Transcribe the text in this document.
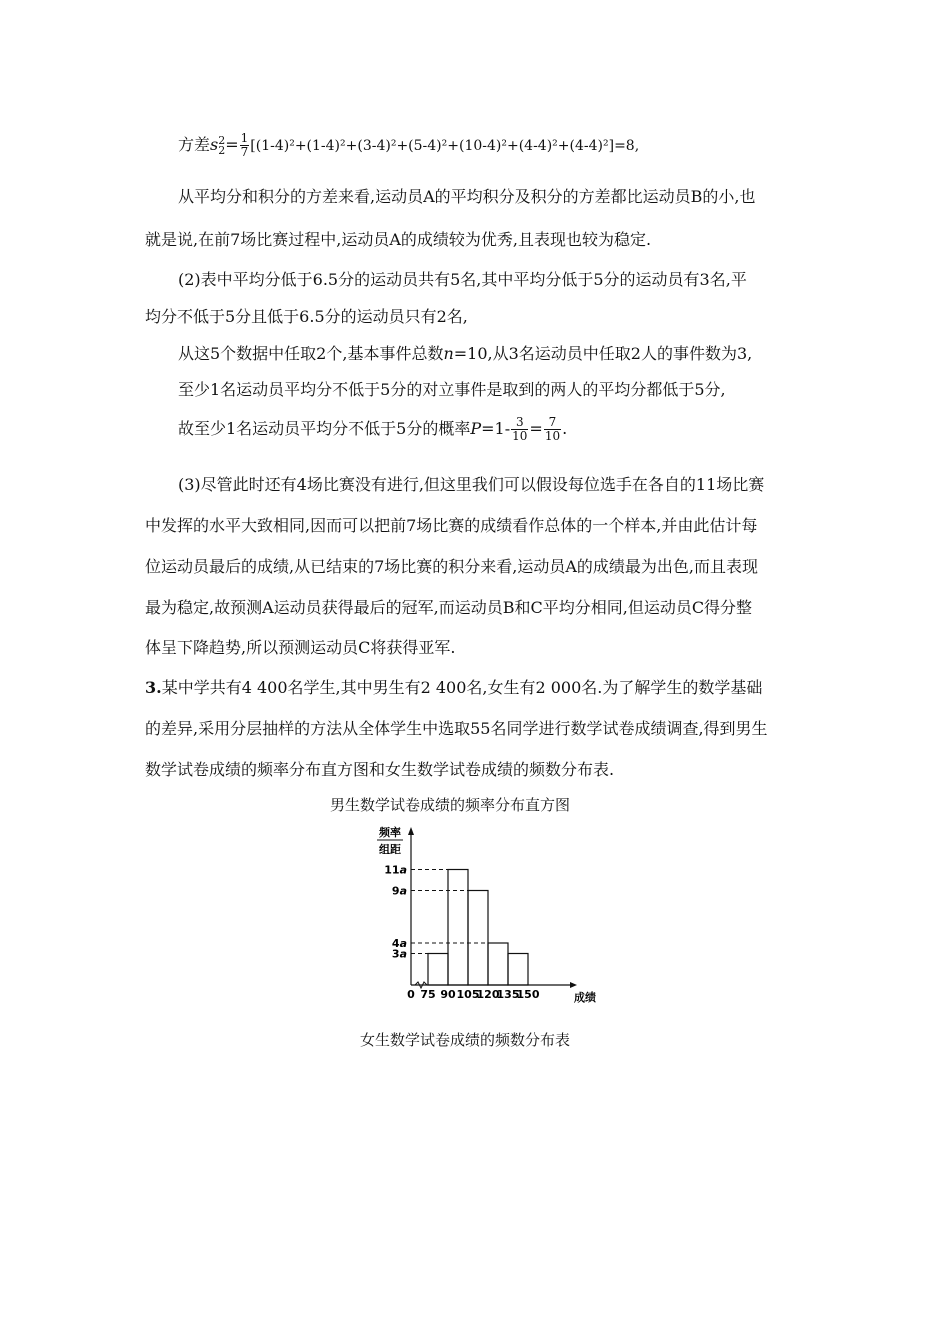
方差s 2
$2 = \frac{1}{7} [(1-4)^2+(1-4)^2+(3-4)^2+(5-4)^2+(10-4)^2+(4-4)^2+(4-4)^2]=8$,
从平均分和积分的方差来看,运动员A的平均积分及积分的方差都比运动员B的小,也
就是说,在前7场比赛过程中,运动员A的成绩较为优秀,且表现也较为稳定.
(2)表中平均分低于6.5分的运动员共有5名,其中平均分低于5分的运动员有3名,平
均分不低于5分且低于6.5分的运动员只有2名,
从这5个数据中任取2个,基本事件总数n=10,从3名运动员中任取2人的事件数为3,
至少1名运动员平均分不低于5分的对立事件是取到的两人的平均分都低于5分,
故至少1名运动员平均分不低于5分的概率$P=1- \frac{3}{10} = \frac{7}{10}$ .
(3)尽管此时还有4场比赛没有进行,但这里我们可以假设每位选手在各自的11场比赛
中发挥的水平大致相同,因而可以把前7场比赛的成绩看作总体的一个样本,并由此估计每
位运动员最后的成绩,从已结束的7场比赛的积分来看,运动员A的成绩最为出色,而且表现
最为稳定,故预测A运动员获得最后的冠军,而运动员B和C平均分相同,但运动员C得分整
体呈下降趋势,所以预测运动员C将获得亚军.
3.某中学共有4 400名学生,其中男生有2 400名,女生有2 000名.为了解学生的数学基础
的差异,采用分层抽样的方法从全体学生中选取55名同学进行数学试卷成绩调查,得到男生
数学试卷成绩的频率分布直方图和女生数学试卷成绩的频数分布表.
男生数学试卷成绩的频率分布直方图
频率
组距
11a
9a
4a
3a
0 75 90 105
120
135
150	成绩
女生数学试卷成绩的频数分布表
